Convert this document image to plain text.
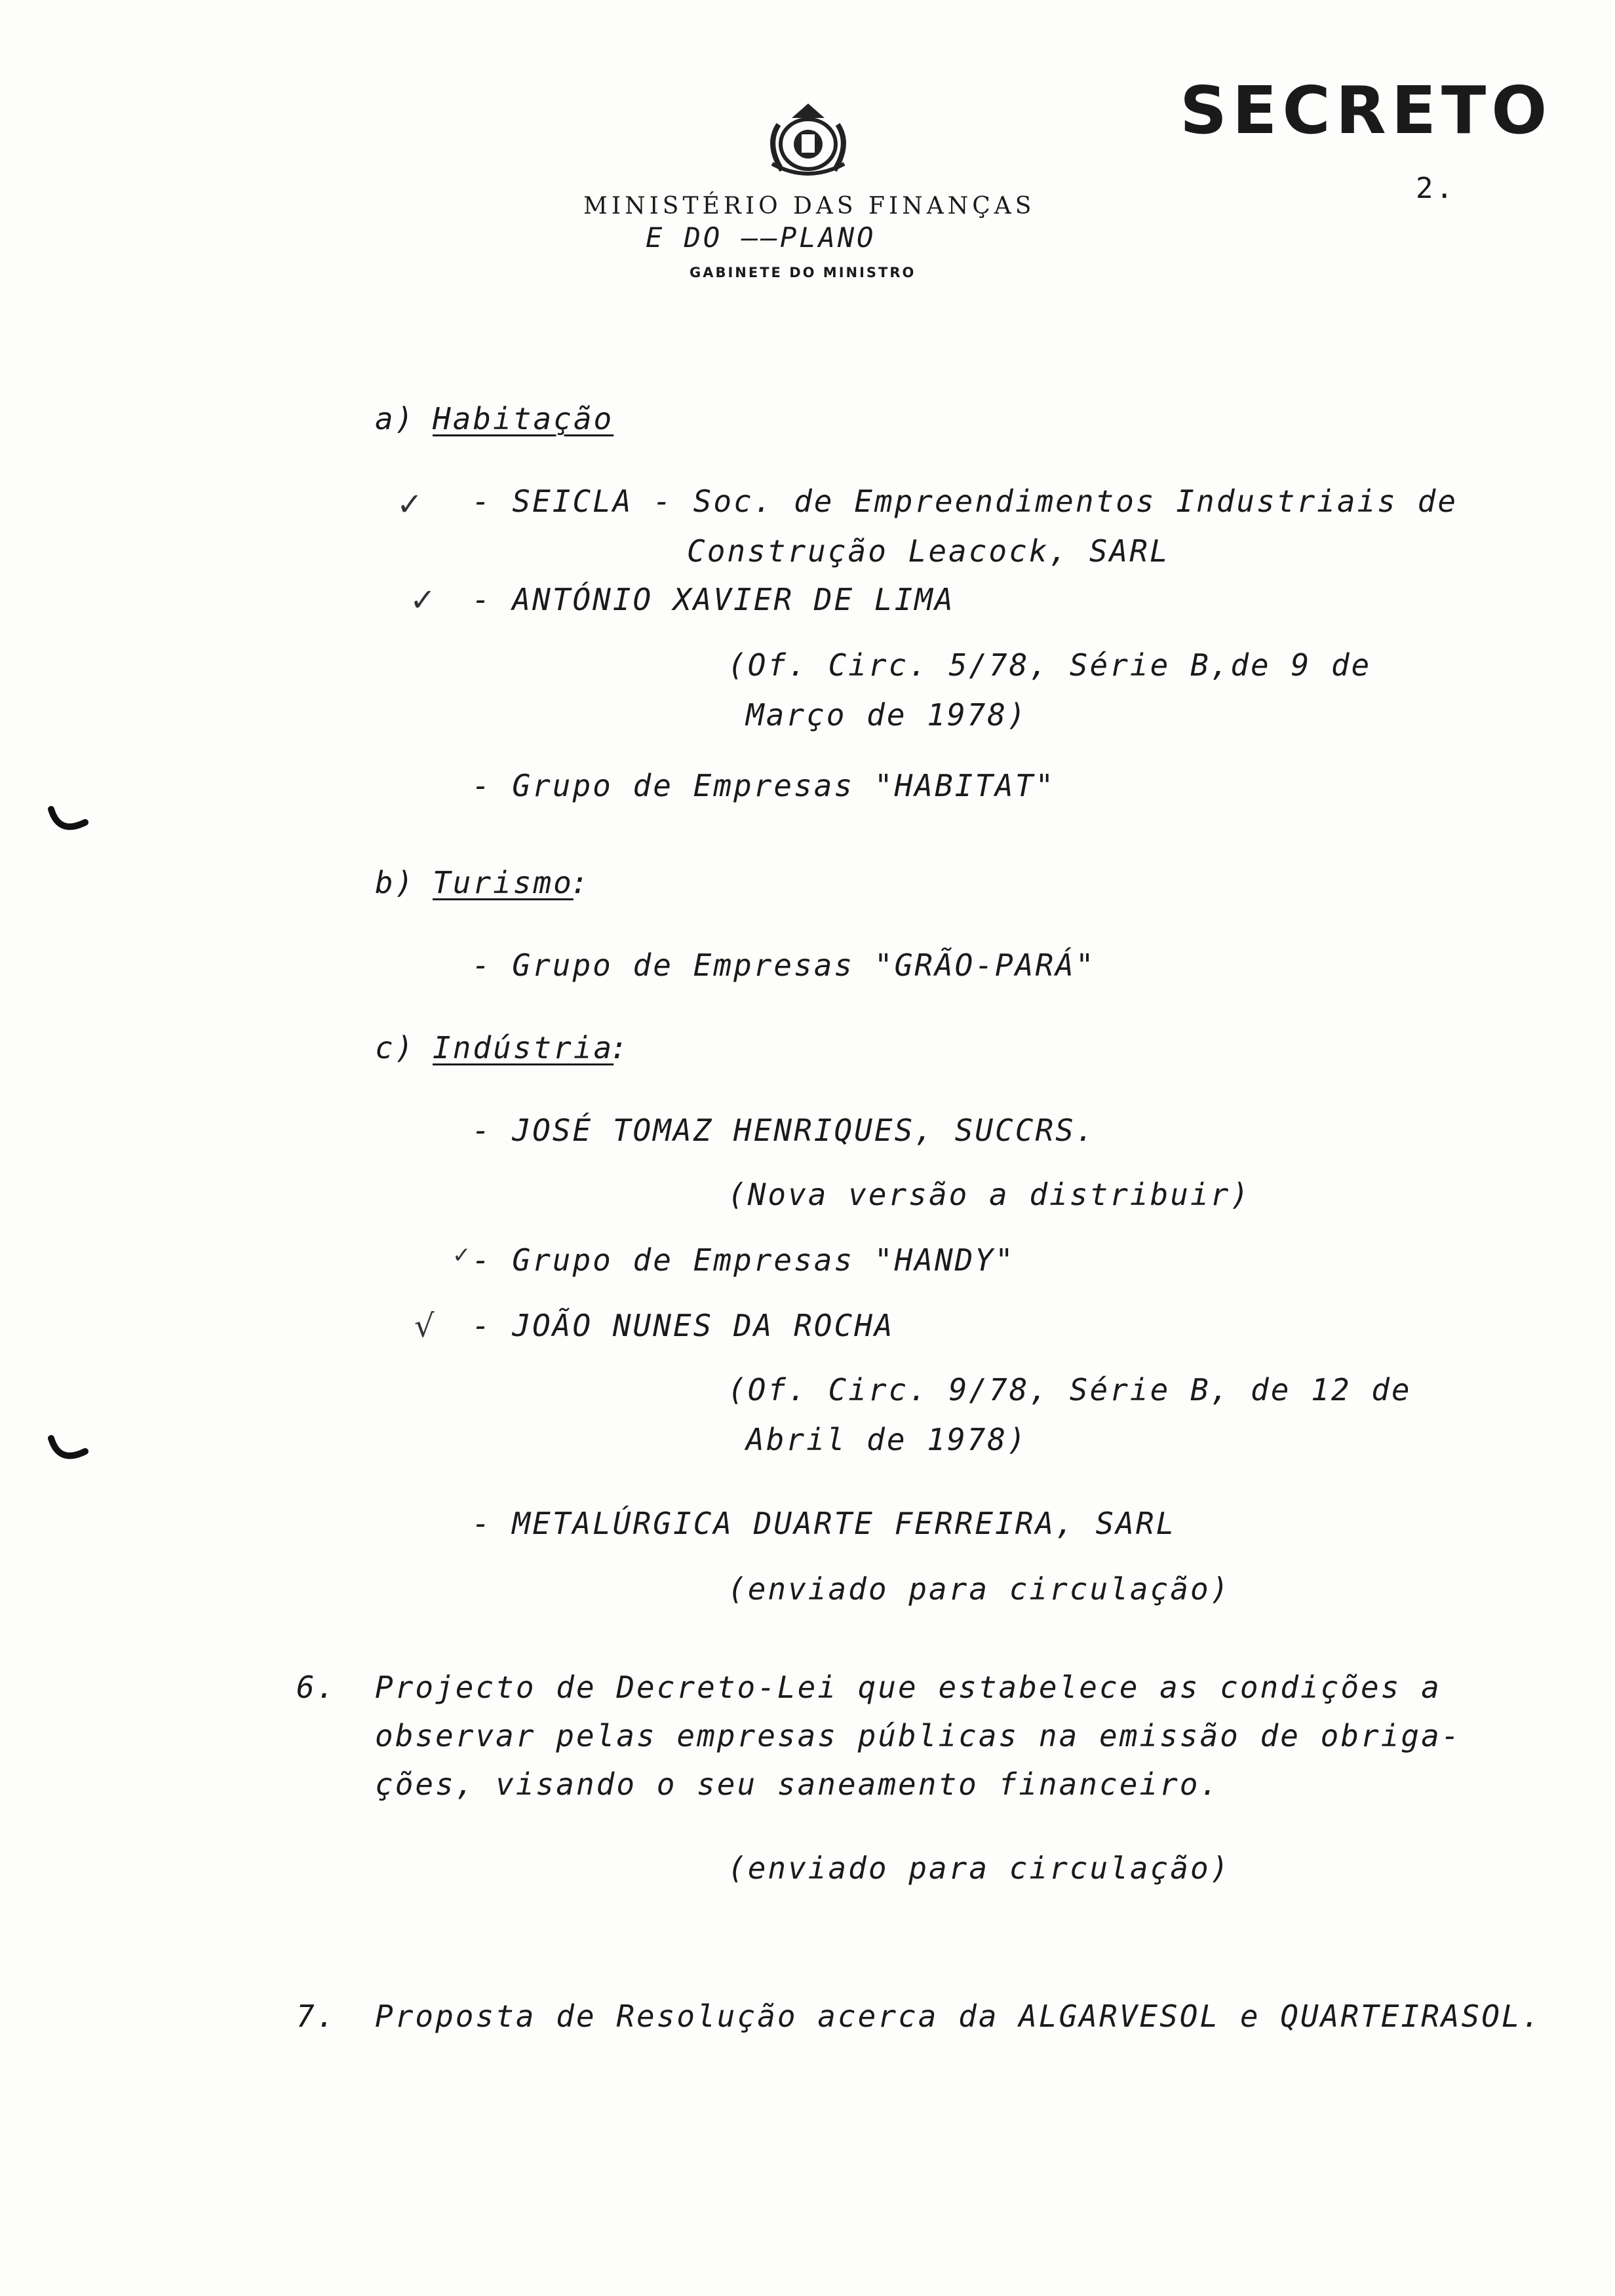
SECRETO
2.
MINISTÉRIO DAS FINANÇAS
E DO ——PLANO
GABINETE DO MINISTRO
a) Habitação
✓ - SEICLA - Soc. de Empreendimentos Industriais de
Construção Leacock, SARL
✓ - ANTÓNIO XAVIER DE LIMA
(Of. Circ. 5/78, Série B,de 9 de
Março de 1978)
- Grupo de Empresas "HABITAT"
b) Turismo
:
- Grupo de Empresas "GRÃO-PARÁ"
c) Indústria
:
- JOSÉ TOMAZ HENRIQUES, SUCCRS.
(Nova versão a distribuir)
✓ - Grupo de Empresas "HANDY"
√ - JOÃO NUNES DA ROCHA
(Of. Circ. 9/78, Série B, de 12 de
Abril de 1978)
- METALÚRGICA DUARTE FERREIRA, SARL
(enviado para circulação)
6. Projecto de Decreto-Lei que estabelece as condições a
observar pelas empresas públicas na emissão de obriga-
ções, visando o seu saneamento financeiro.
(enviado para circulação)
7. Proposta de Resolução acerca da ALGARVESOL e QUARTEIRASOL.
